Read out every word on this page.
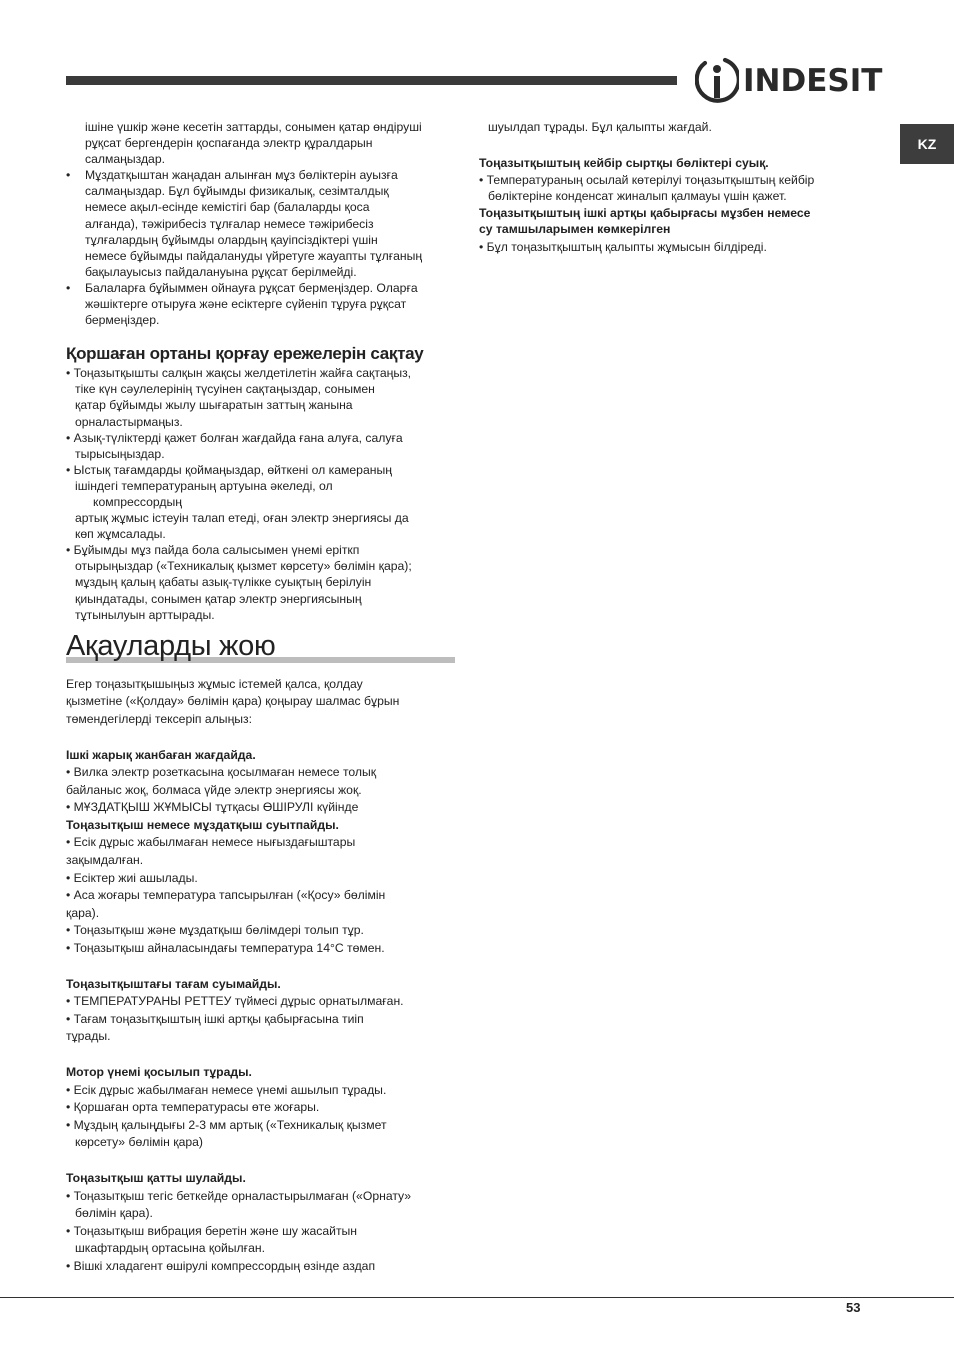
INDESIT
KZ

ішіне үшкір және кесетін заттарды, сонымен қатар өндіруші

рұқсат бергендерін қоспағанда электр құралдарын

салмаңыздар.

• Мұздатқыштан жаңадан алынған мұз бөліктерін ауызға

салмаңыздар. Бұл бұйымды физикалық, сезімталдық

немесе ақыл-есінде кемістігі бар (балаларды қоса

алғанда), тәжірибесіз тұлғалар немесе тәжірибесіз

тұлғалардың бұйымды олардың қауіпсіздіктері үшін

немесе бұйымды пайдалануды үйретуге жауапты тұлғаның

бақылауысыз пайдалануына рұқсат берілмейді.

• Балаларға бұйыммен ойнауға рұқсат бермеңіздер. Оларға

жәшіктерге отыруға және есіктерге сүйеніп тұруға рұқсат

бермеңіздер.

Қоршаған ортаны қорғау ережелерін сақтау

• Тоңазытқышты салқын жақсы желдетілетін жайға сақтаңыз,

тіке күн сәулелерінің түсуінен сақтаңыздар, сонымен

қатар бұйымды жылу шығаратын заттың жанына

орналастырмаңыз.

• Азық-түліктерді қажет болған жағдайда ғана алуға, салуға

тырысыңыздар.

• Ыстық тағамдарды қоймаңыздар, өйткені ол камераның

ішіндегі температураның артуына әкеледі, ол

компрессордың

артық жұмыс істеуін талап етеді, оған электр энергиясы да

көп жұмсалады.

• Бұйымды мұз пайда бола салысымен үнемі еріткп

отырыңыздар («Техникалық қызмет көрсету» бөлімін қара);

мұздың қалың қабаты азық-түлікке суықтың берілуін

қиындатады, сонымен қатар электр энергиясының

тұтынылуын арттырады.

Ақауларды жою

Егер тоңазытқышыңыз жұмыс істемей қалса, қолдау

қызметіне («Қолдау» бөлімін қара) қоңырау шалмас бұрын

төмендегілерді тексеріп алыңыз:

Ішкі жарық жанбаған жағдайда.

• Вилка электр розеткасына қосылмаған немесе толық

байланыс жоқ, болмаса үйде электр энергиясы жоқ.

• МҰЗДАТҚЫШ ЖҰМЫСЫ тұтқасы ӨШІРУЛІ күйінде

Тоңазытқыш немесе мұздатқыш суытпайды.

• Есік дұрыс жабылмаған немесе нығыздағыштары

зақымдалған.

• Есіктер жиі ашылады.

• Аса жоғары температура тапсырылған («Қосу» бөлімін

қара).

• Тоңазытқыш және мұздатқыш бөлімдері толып тұр.

• Тоңазытқыш айналасындағы температура 14°С төмен.

Тоңазытқыштағы тағам суымайды.

• ТЕМПЕРАТУРАНЫ РЕТТЕУ түймесі дұрыс орнатылмаған.

• Тағам тоңазытқыштың ішкі артқы қабырғасына тиіп

тұрады.

Мотор үнемі қосылып тұрады.

• Есік дұрыс жабылмаған немесе үнемі ашылып тұрады.

• Қоршаған орта температурасы өте жоғары.

• Мұздың қалыңдығы 2-3 мм артық («Техникалық қызмет

көрсету» бөлімін қара)

Тоңазытқыш қатты шулайды.

• Тоңазытқыш тегіс беткейде орналастырылмаған («Орнату»

бөлімін қара).

• Тоңазытқыш вибрация беретін және шу жасайтын

шкафтардың ортасына қойылған.

• Вішкі хладагент өшірулі компрессордың өзінде аздап

шуылдап тұрады. Бұл қалыпты жағдай.

Тоңазытқыштың кейбір сыртқы бөліктері суық.

• Температураның осылай көтерілуі тоңазытқыштың кейбір

бөліктеріне конденсат жиналып қалмауы үшін қажет.

Тоңазытқыштың ішкі артқы қабырғасы мұзбен немесе

су тамшыларымен көмкерілген

• Бұл тоңазытқыштың қалыпты жұмысын білдіреді.

53
